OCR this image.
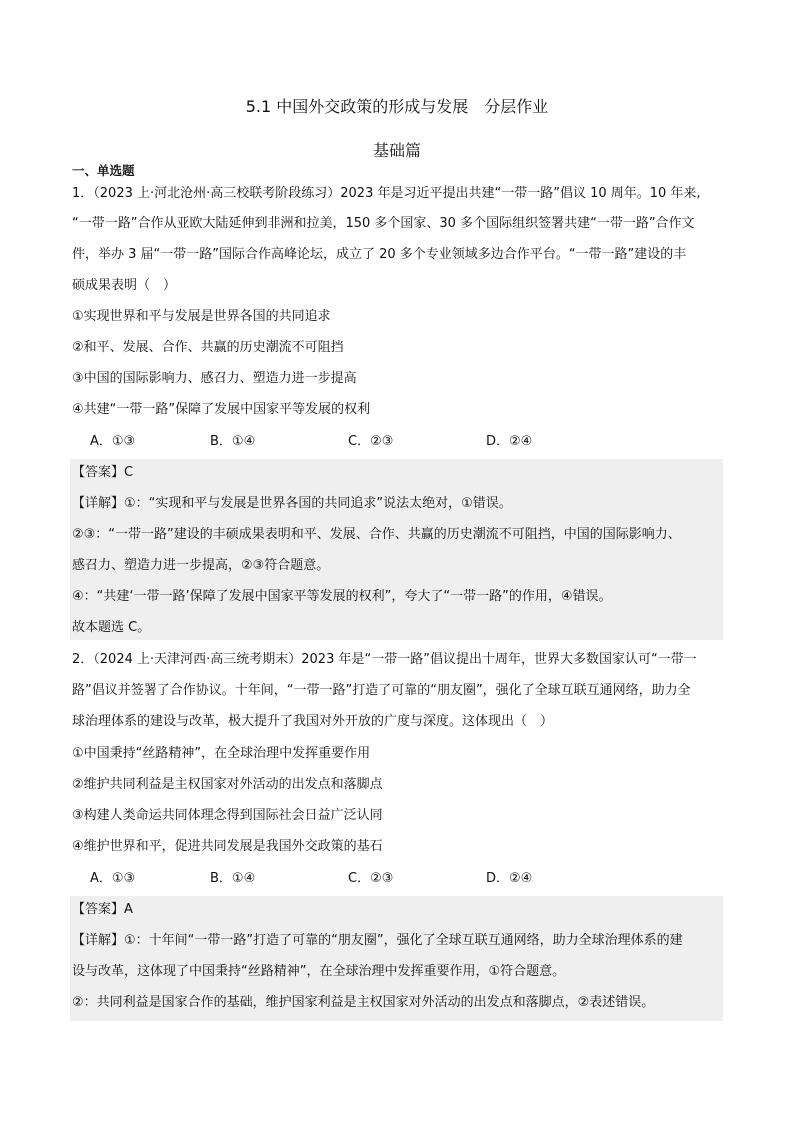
5.1 中国外交政策的形成与发展　分层作业
基础篇
一、单选题
1．（2023 上·河北沧州·高三校联考阶段练习）2023 年是习近平提出共建“一带一路”倡议 10 周年。10 年来,
“一带一路”合作从亚欧大陆延伸到非洲和拉美，150 多个国家、30 多个国际组织签署共建“一带一路”合作文
件，举办 3 届“一带一路”国际合作高峰论坛，成立了 20 多个专业领域多边合作平台。“一带一路”建设的丰
硕成果表明（　）
①实现世界和平与发展是世界各国的共同追求
②和平、发展、合作、共赢的历史潮流不可阻挡
③中国的国际影响力、感召力、塑造力进一步提高
④共建“一带一路”保障了发展中国家平等发展的权利
A．①③	B．①④	C．②③	D．②④
【答案】C
【详解】①：“实现和平与发展是世界各国的共同追求”说法太绝对，①错误。
②③：“一带一路”建设的丰硕成果表明和平、发展、合作、共赢的历史潮流不可阻挡，中国的国际影响力、
感召力、塑造力进一步提高，②③符合题意。
④：“共建‘一带一路’保障了发展中国家平等发展的权利”，夸大了“一带一路”的作用，④错误。
故本题选 C。
2．（2024 上·天津河西·高三统考期末）2023 年是“一带一路”倡议提出十周年，世界大多数国家认可“一带一
路”倡议并签署了合作协议。十年间，“一带一路”打造了可靠的“朋友圈”，强化了全球互联互通网络，助力全
球治理体系的建设与改革，极大提升了我国对外开放的广度与深度。这体现出（　）
①中国秉持“丝路精神”，在全球治理中发挥重要作用
②维护共同利益是主权国家对外活动的出发点和落脚点
③构建人类命运共同体理念得到国际社会日益广泛认同
④维护世界和平，促进共同发展是我国外交政策的基石
A．①③	B．①④	C．②③	D．②④
【答案】A
【详解】①：十年间“一带一路”打造了可靠的“朋友圈”，强化了全球互联互通网络，助力全球治理体系的建
设与改革，这体现了中国秉持“丝路精神”，在全球治理中发挥重要作用，①符合题意。
②：共同利益是国家合作的基础，维护国家利益是主权国家对外活动的出发点和落脚点，②表述错误。
